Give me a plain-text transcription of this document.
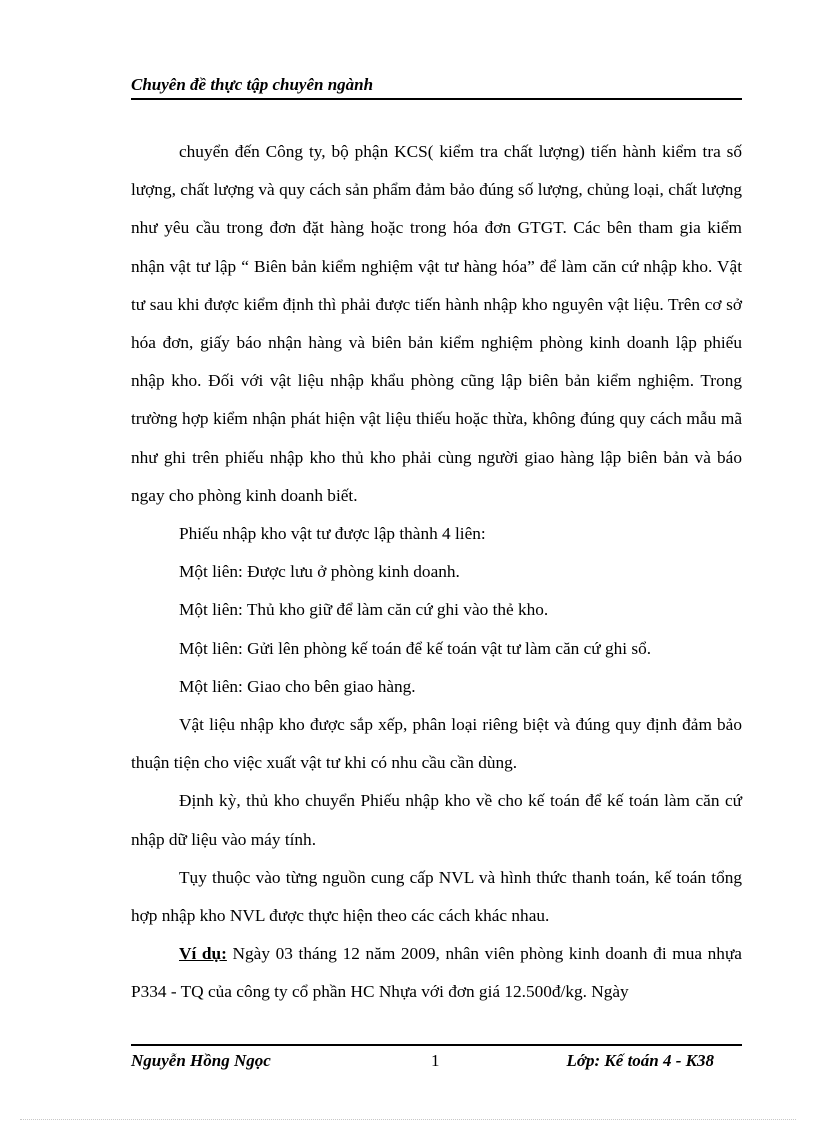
Chuyên đề thực tập chuyên ngành

chuyển đến Công ty, bộ phận KCS( kiểm tra chất lượng) tiến hành kiểm tra số lượng, chất lượng và quy cách sản phẩm đảm bảo đúng số lượng, chủng loại, chất lượng như yêu cầu trong đơn đặt hàng hoặc trong hóa đơn GTGT. Các bên tham gia kiểm nhận vật tư lập “ Biên bản kiểm nghiệm vật tư hàng hóa” để làm căn cứ nhập kho. Vật tư sau khi được kiểm định thì phải được tiến hành nhập kho nguyên vật liệu. Trên cơ sở hóa đơn, giấy báo nhận hàng và biên bản kiểm nghiệm phòng kinh doanh lập phiếu nhập kho. Đối với vật liệu nhập khẩu phòng cũng lập biên bản kiểm nghiệm. Trong trường hợp kiểm nhận phát hiện vật liệu thiếu hoặc thừa, không đúng quy cách mẫu mã như ghi trên phiếu nhập kho thủ kho phải cùng người giao hàng lập biên bản và báo ngay cho phòng kinh doanh biết.

Phiếu nhập kho vật tư được lập thành 4 liên:

Một liên: Được lưu ở phòng kinh doanh.

Một liên: Thủ kho giữ để làm căn cứ ghi vào thẻ kho.

Một liên: Gửi lên phòng kế toán để kế toán vật tư làm căn cứ ghi sổ.

Một liên: Giao cho bên giao hàng.

Vật liệu nhập kho được sắp xếp, phân loại riêng biệt và đúng quy định đảm bảo thuận tiện cho việc xuất vật tư khi có nhu cầu cần dùng.

Định kỳ, thủ kho chuyển Phiếu nhập kho về cho kế toán để kế toán làm căn cứ nhập dữ liệu vào máy tính.

Tụy thuộc vào từng nguồn cung cấp NVL và hình thức thanh toán, kế toán tổng hợp nhập kho NVL được thực hiện theo các cách khác nhau.

Ví dụ: Ngày 03 tháng 12 năm 2009, nhân viên phòng kinh doanh đi mua nhựa P334 - TQ của công ty cổ phần HC Nhựa với đơn giá 12.500đ/kg. Ngày

Nguyễn Hồng Ngọc	1	Lớp: Kế toán 4 - K38
